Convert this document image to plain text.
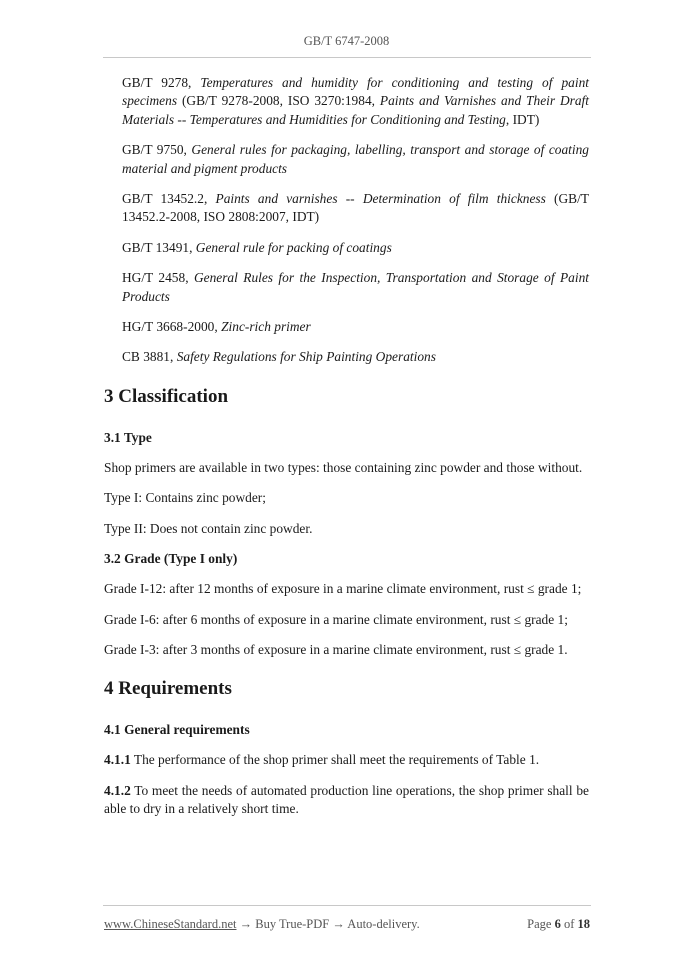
GB/T 6747-2008

GB/T 9278, Temperatures and humidity for conditioning and testing of paint specimens (GB/T 9278-2008, ISO 3270:1984, Paints and Varnishes and Their Draft Materials -- Temperatures and Humidities for Conditioning and Testing, IDT)

GB/T 9750, General rules for packaging, labelling, transport and storage of coating material and pigment products

GB/T 13452.2, Paints and varnishes -- Determination of film thickness (GB/T 13452.2-2008, ISO 2808:2007, IDT)

GB/T 13491, General rule for packing of coatings

HG/T 2458, General Rules for the Inspection, Transportation and Storage of Paint Products

HG/T 3668-2000, Zinc-rich primer

CB 3881, Safety Regulations for Ship Painting Operations

3 Classification
3.1 Type

Shop primers are available in two types: those containing zinc powder and those without.

Type I: Contains zinc powder;

Type II: Does not contain zinc powder.

3.2 Grade (Type I only)

Grade I-12: after 12 months of exposure in a marine climate environment, rust ≤ grade 1;

Grade I-6: after 6 months of exposure in a marine climate environment, rust ≤ grade 1;

Grade I-3: after 3 months of exposure in a marine climate environment, rust ≤ grade 1.

4 Requirements
4.1 General requirements

4.1.1 The performance of the shop primer shall meet the requirements of Table 1.

4.1.2 To meet the needs of automated production line operations, the shop primer shall be able to dry in a relatively short time.

www.ChineseStandard.net → Buy True-PDF → Auto-delivery.	Page 6 of 18
